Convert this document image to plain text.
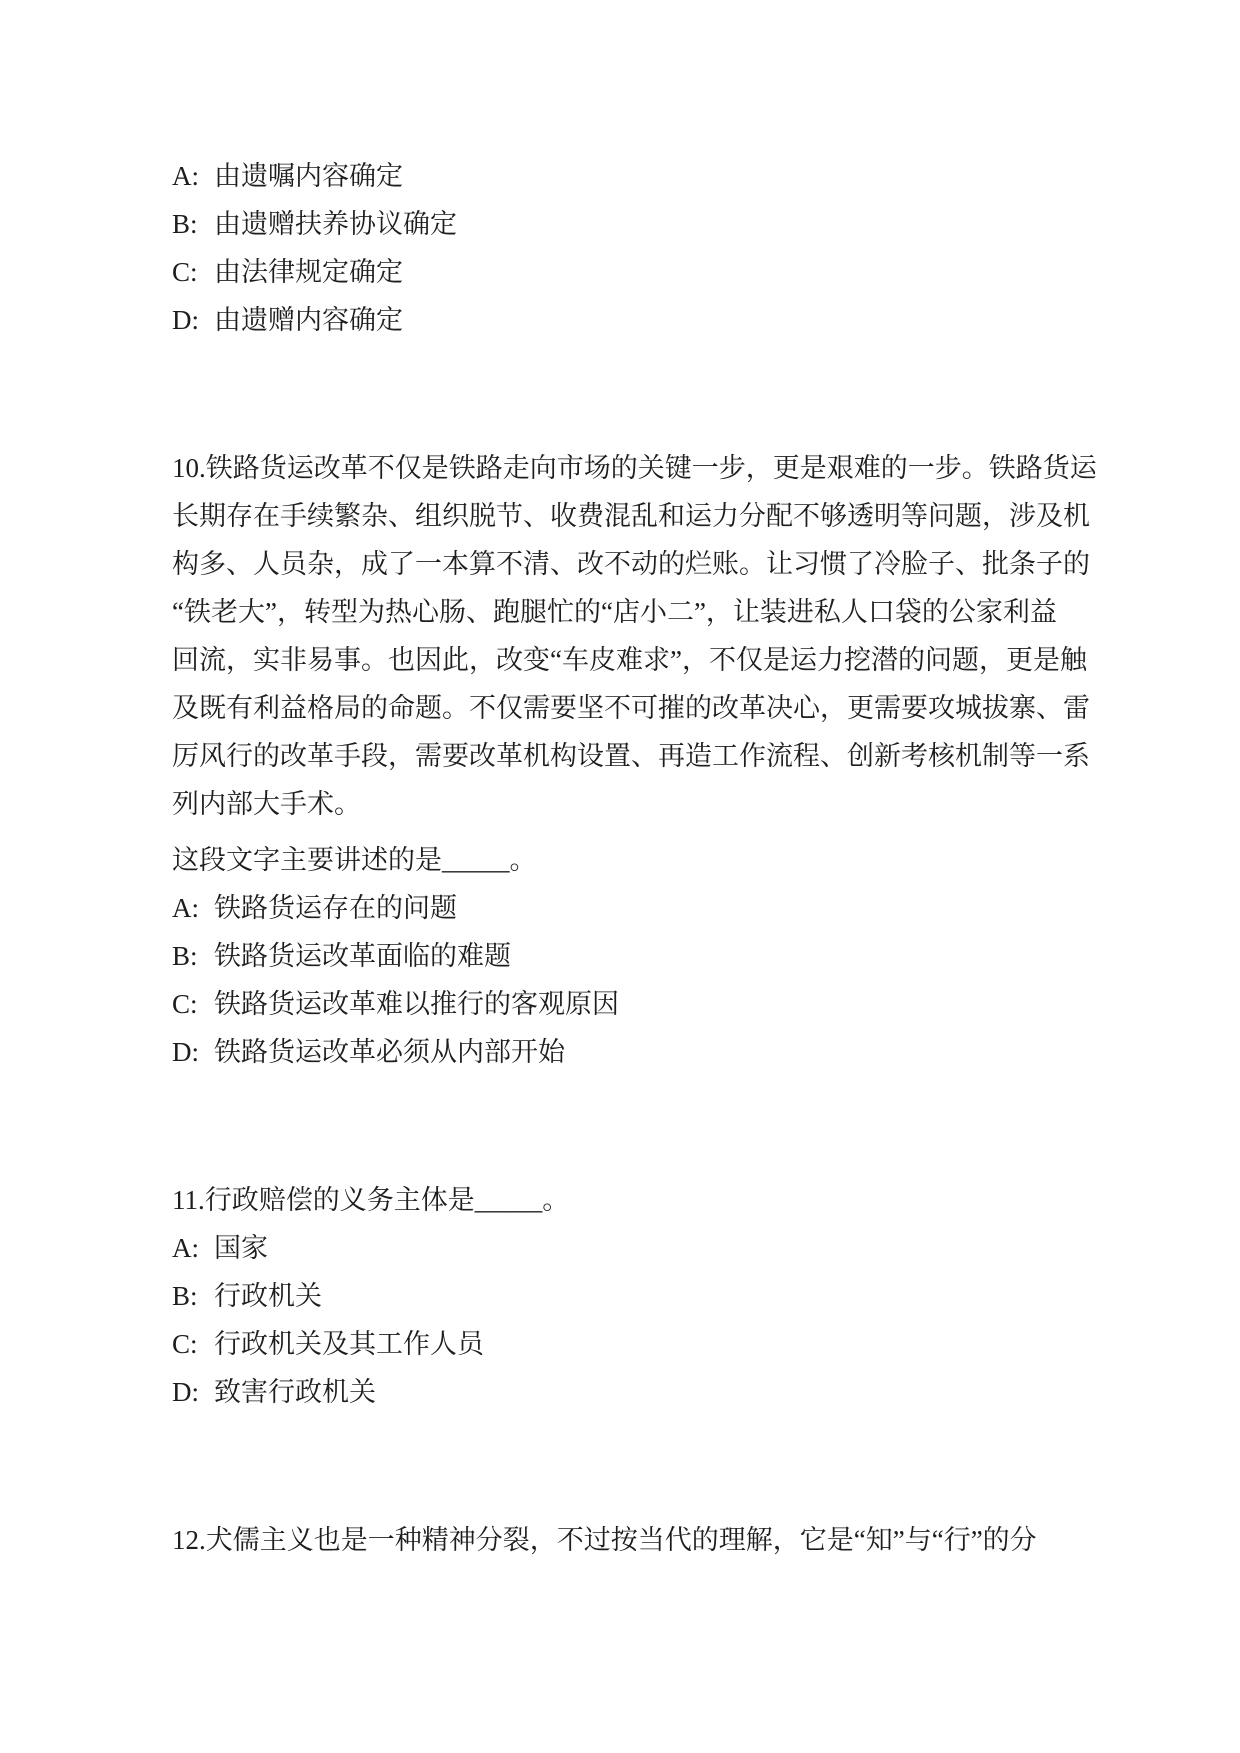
A: 由遗嘱内容确定
B: 由遗赠扶养协议确定
C: 由法律规定确定
D: 由遗赠内容确定
10.铁路货运改革不仅是铁路走向市场的关键一步，更是艰难的一步。铁路货运
长期存在手续繁杂、组织脱节、收费混乱和运力分配不够透明等问题，涉及机
构多、人员杂，成了一本算不清、改不动的烂账。让习惯了冷脸子、批条子的
“铁老大”，转型为热心肠、跑腿忙的“店小二”，让装进私人口袋的公家利益
回流，实非易事。也因此，改变“车皮难求”，不仅是运力挖潜的问题，更是触
及既有利益格局的命题。不仅需要坚不可摧的改革决心，更需要攻城拔寨、雷
厉风行的改革手段，需要改革机构设置、再造工作流程、创新考核机制等一系
列内部大手术。
这段文字主要讲述的是_____。
A: 铁路货运存在的问题
B: 铁路货运改革面临的难题
C: 铁路货运改革难以推行的客观原因
D: 铁路货运改革必须从内部开始
11.行政赔偿的义务主体是_____。
A: 国家
B: 行政机关
C: 行政机关及其工作人员
D: 致害行政机关
12.犬儒主义也是一种精神分裂，不过按当代的理解，它是“知”与“行”的分
